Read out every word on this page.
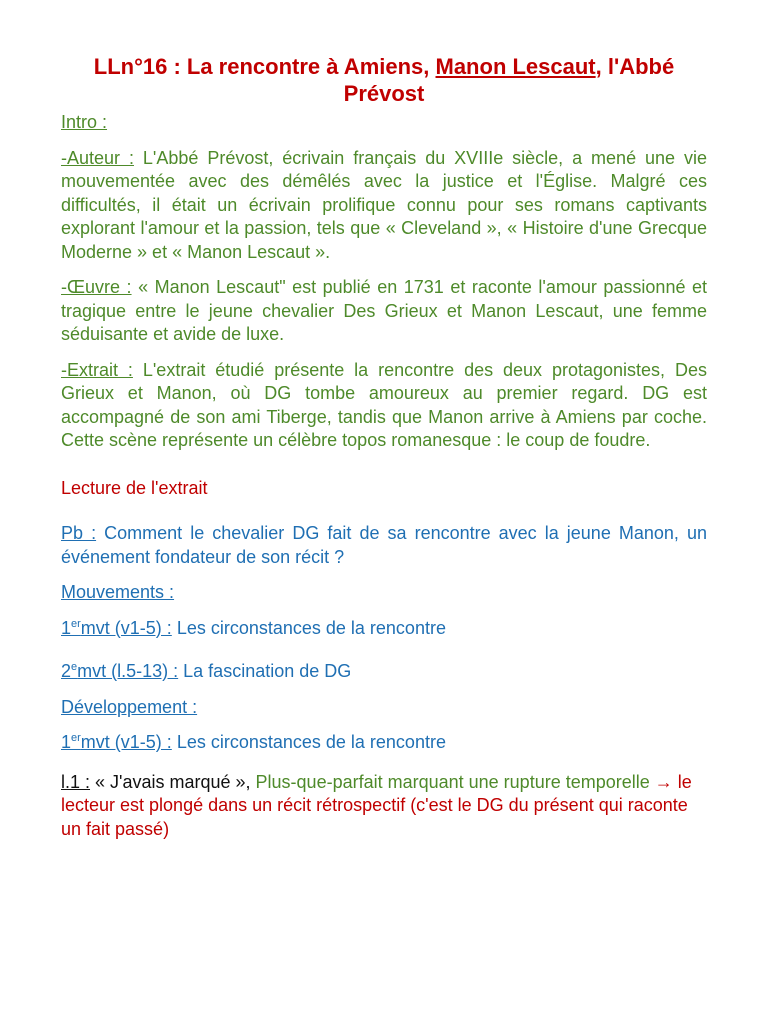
LLn°16 : La rencontre à Amiens, Manon Lescaut, l'Abbé
Prévost
Intro :

-Auteur : L'Abbé Prévost, écrivain français du XVIIIe siècle, a mené une vie mouvementée avec des démêlés avec la justice et l'Église. Malgré ces difficultés, il était un écrivain prolifique connu pour ses romans captivants explorant l'amour et la passion, tels que « Cleveland », « Histoire d'une Grecque Moderne » et « Manon Lescaut ».

-Œuvre : « Manon Lescaut" est publié en 1731 et raconte l'amour passionné et tragique entre le jeune chevalier Des Grieux et Manon Lescaut, une femme séduisante et avide de luxe.

-Extrait : L'extrait étudié présente la rencontre des deux protagonistes, Des Grieux et Manon, où DG tombe amoureux au premier regard. DG est accompagné de son ami Tiberge, tandis que Manon arrive à Amiens par coche. Cette scène représente un célèbre topos romanesque : le coup de foudre.

Lecture de l'extrait

Pb : Comment le chevalier DG fait de sa rencontre avec la jeune Manon, un événement fondateur de son récit ?

Mouvements :
1ermvt (v1-5) : Les circonstances de la rencontre
2emvt (l.5-13) : La fascination de DG
Développement :
1ermvt (v1-5) : Les circonstances de la rencontre

l.1 : « J'avais marqué », Plus-que-parfait marquant une rupture temporelle → le lecteur est plongé dans un récit rétrospectif (c'est le DG du présent qui raconte un fait passé)
